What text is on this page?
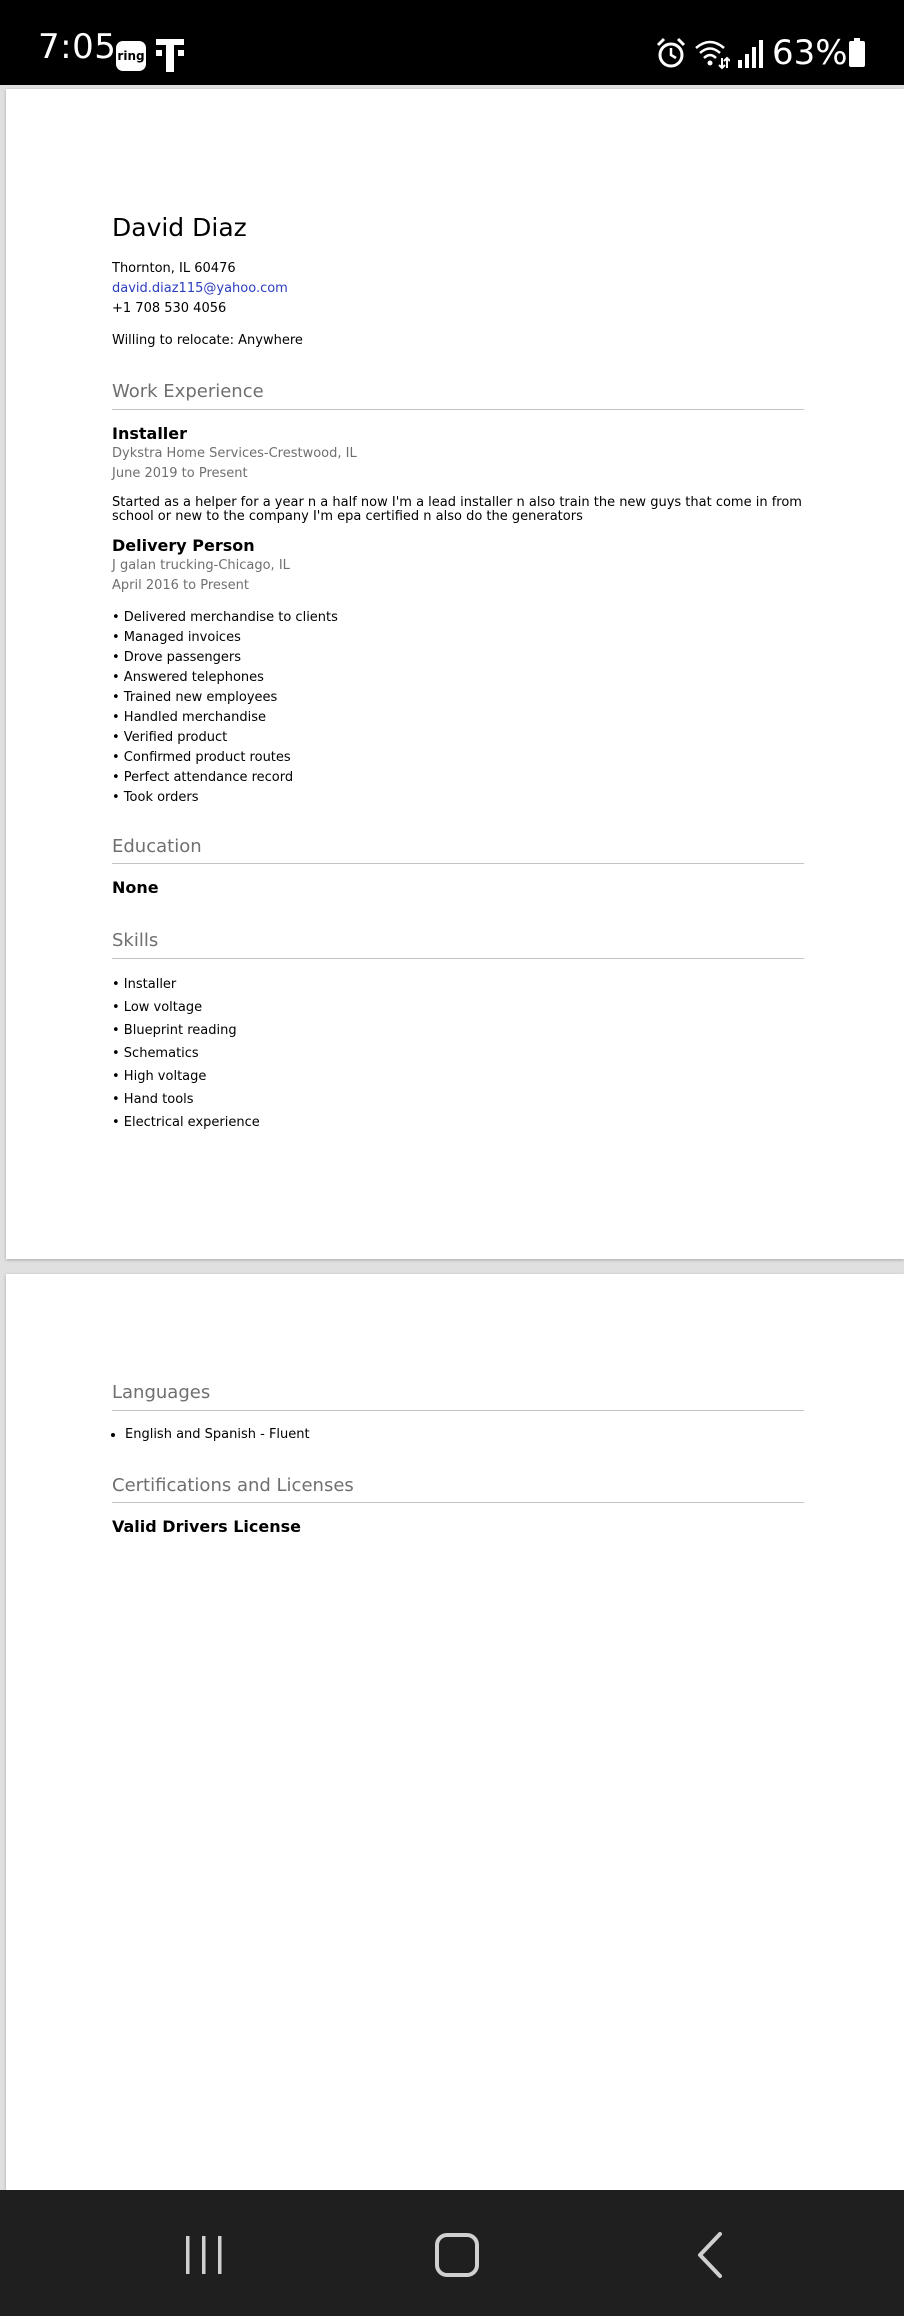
7:05 ring	63%
David Diaz
Thornton, IL 60476
david.diaz115@yahoo.com
+1 708 530 4056
Willing to relocate: Anywhere
Work Experience
Installer
Dykstra Home Services-Crestwood, IL
June 2019 to Present
Started as a helper for a year n a half now I'm a lead installer n also train the new guys that come in from school or new to the company I'm epa certified n also do the generators
Delivery Person
J galan trucking-Chicago, IL
April 2016 to Present
• Delivered merchandise to clients
• Managed invoices
• Drove passengers
• Answered telephones
• Trained new employees
• Handled merchandise
• Verified product
• Confirmed product routes
• Perfect attendance record
• Took orders
Education
None
Skills
• Installer
• Low voltage
• Blueprint reading
• Schematics
• High voltage
• Hand tools
• Electrical experience
Languages
• English and Spanish - Fluent
Certifications and Licenses
Valid Drivers License
